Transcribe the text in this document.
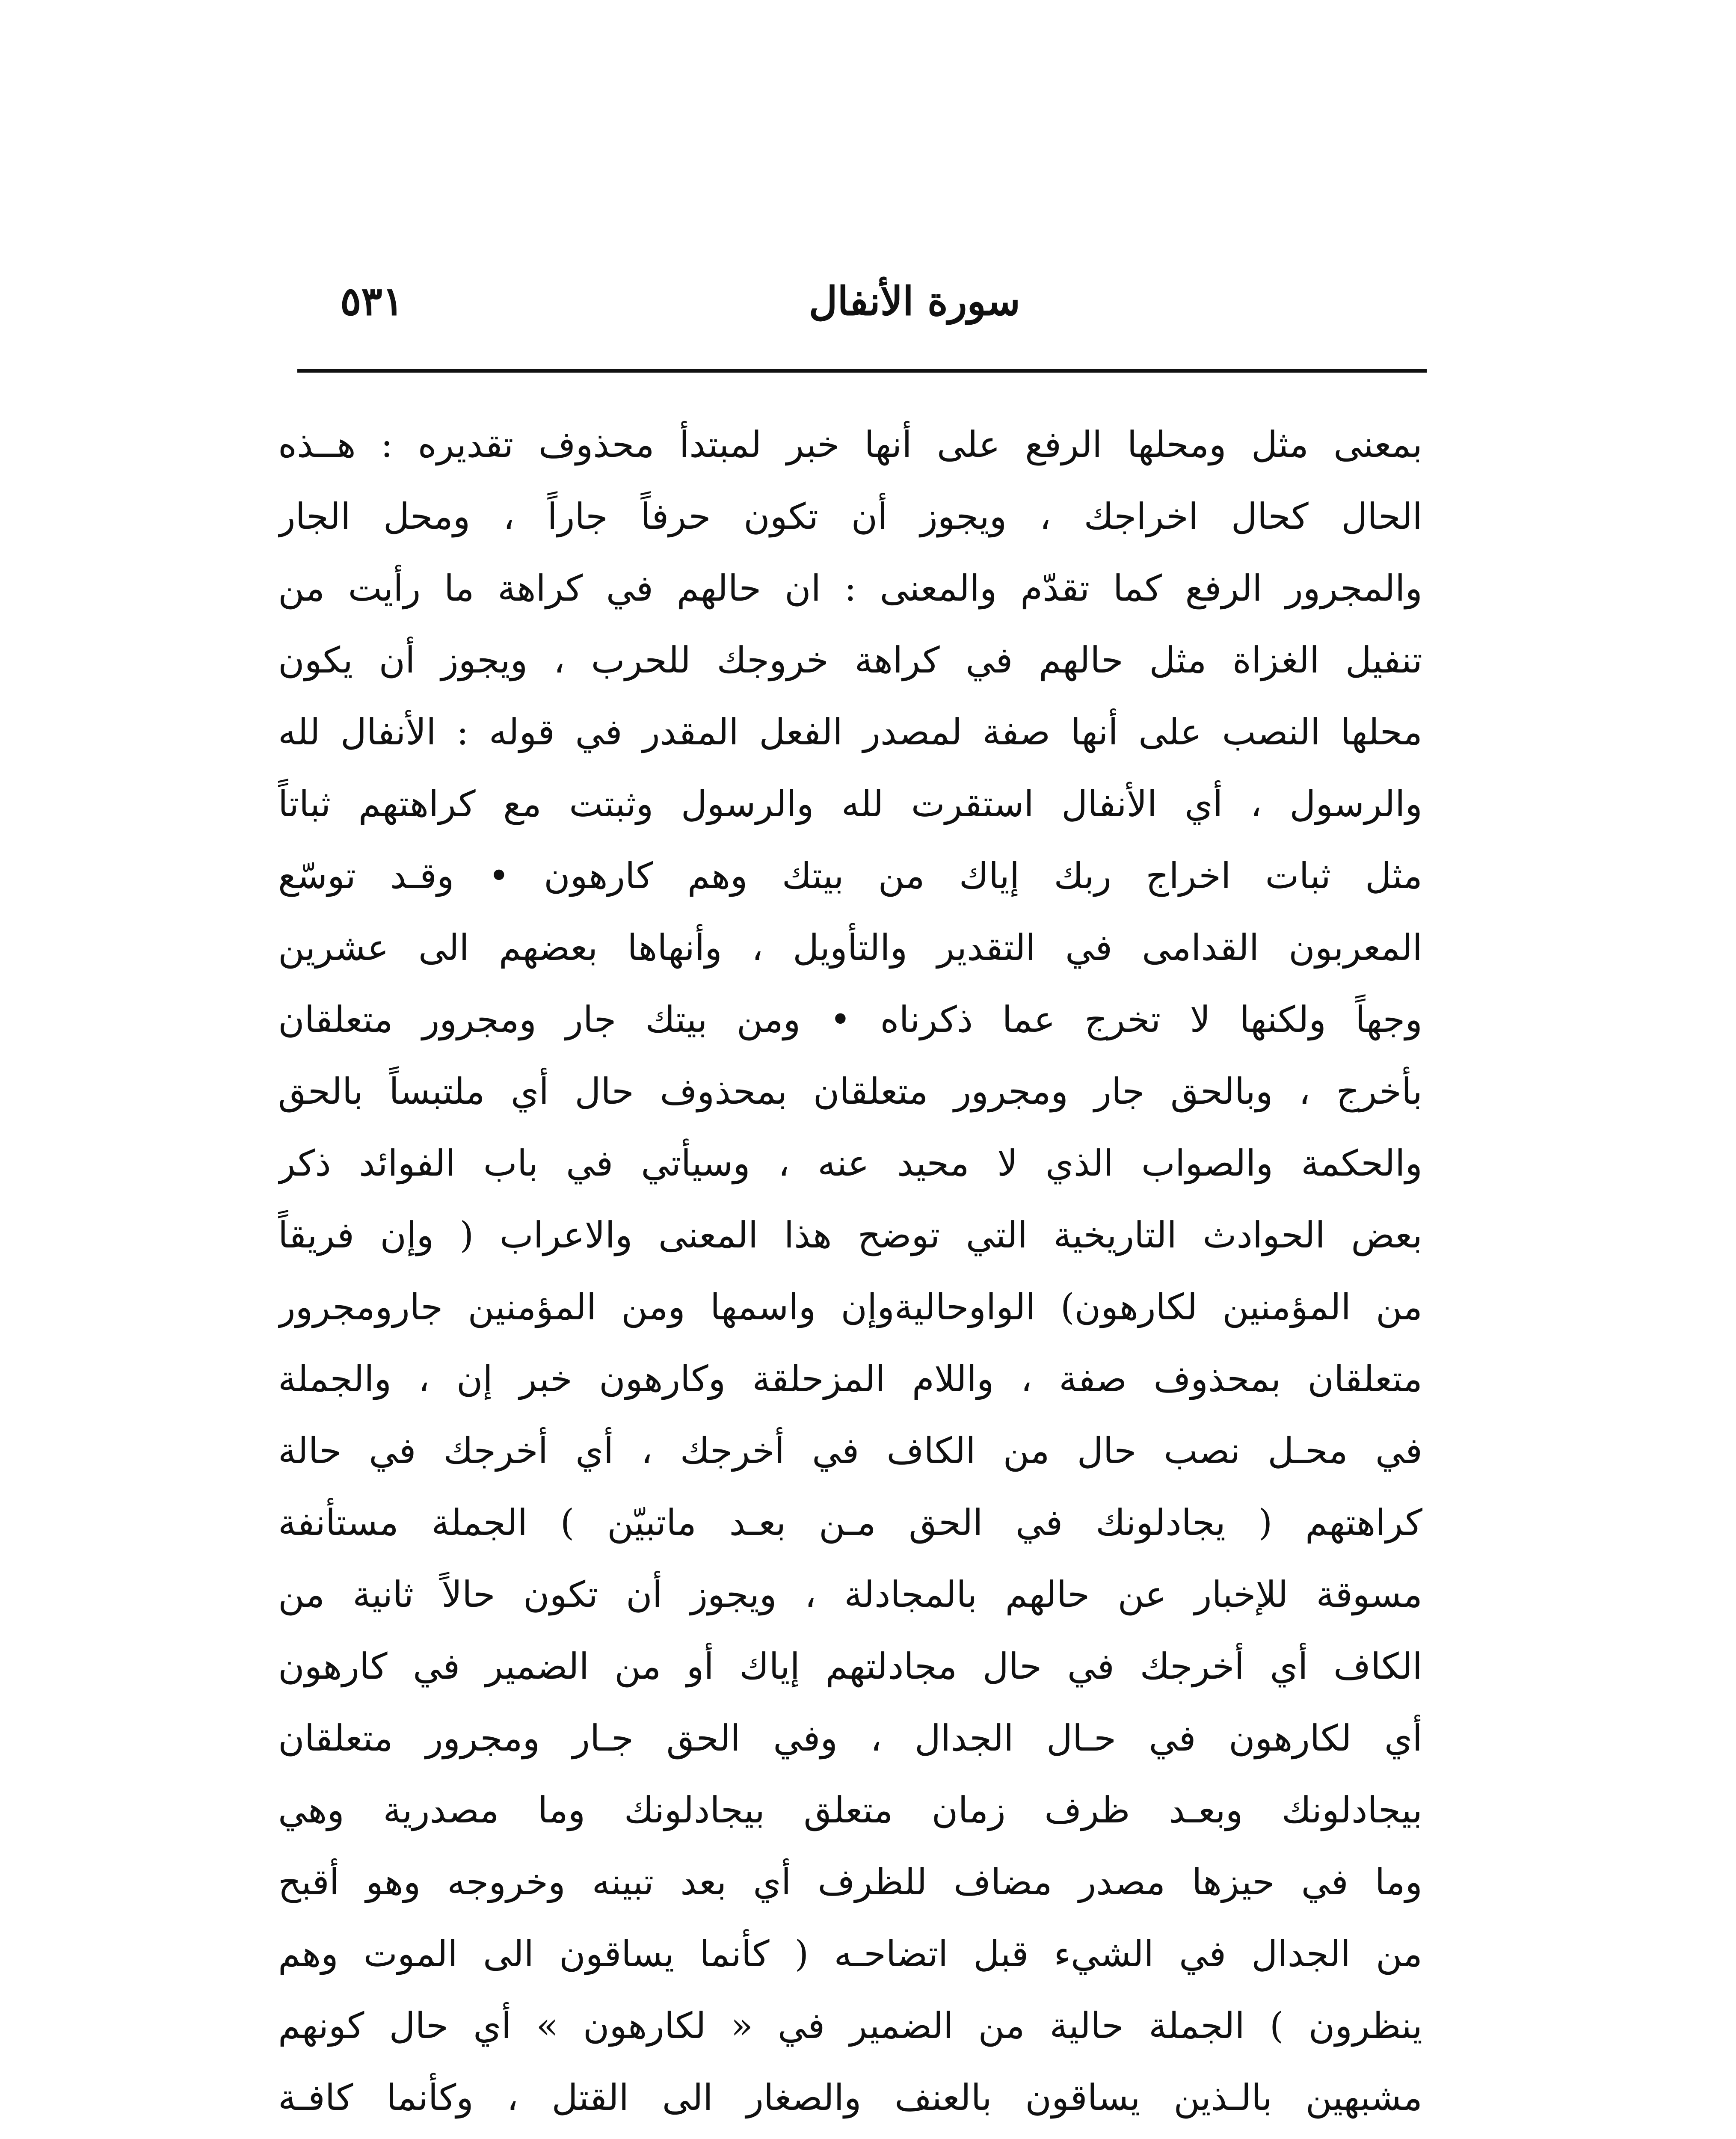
سورة الأنفال
٥٣١
بمعنى مثل ومحلها الرفع على أنها خبر لمبتدأ محذوف تقديره : هــذه
الحال كحال اخراجك ، ويجوز أن تكون حرفاً جاراً ، ومحل الجار
والمجرور الرفع كما تقدّم والمعنى : ان حالهم في كراهة ما رأيت من
تنفيل الغزاة مثل حالهم في كراهة خروجك للحرب ، ويجوز أن يكون
محلها النصب على أنها صفة لمصدر الفعل المقدر في قوله : الأنفال لله
والرسول ، أي الأنفال استقرت لله والرسول وثبتت مع كراهتهم ثباتاً
مثل ثبات اخراج ربك إياك من بيتك وهم كارهون • وقـد توسّع
المعربون القدامى في التقدير والتأويل ، وأنهاها بعضهم الى عشرين
وجهاً ولكنها لا تخرج عما ذكرناه • ومن بيتك جار ومجرور متعلقان
بأخرج ، وبالحق جار ومجرور متعلقان بمحذوف حال أي ملتبساً بالحق
والحكمة والصواب الذي لا محيد عنه ، وسيأتي في باب الفوائد ذكر
بعض الحوادث التاريخية التي توضح هذا المعنى والاعراب ( وإن فريقاً
من المؤمنين لكارهون) الواوحاليةوإن واسمها ومن المؤمنين جارومجرور
متعلقان بمحذوف صفة ، واللام المزحلقة وكارهون خبر إن ، والجملة
في محـل نصب حال من الكاف في أخرجك ، أي أخرجك في حالة
كراهتهم ( يجادلونك في الحق مـن بعـد ماتبيّن ) الجملة مستأنفة
مسوقة للإخبار عن حالهم بالمجادلة ، ويجوز أن تكون حالاً ثانية من
الكاف أي أخرجك في حال مجادلتهم إياك أو من الضمير في كارهون
أي لكارهون في حـال الجدال ، وفي الحق جـار ومجرور متعلقان
بيجادلونك وبعـد ظرف زمان متعلق بيجادلونك وما مصدرية وهي
وما في حيزها مصدر مضاف للظرف أي بعد تبينه وخروجه وهو أقبح
من الجدال في الشيء قبل اتضاحـه ( كأنما يساقون الى الموت وهم
ينظرون ) الجملة حالية من الضمير في « لكارهون » أي حال كونهم
مشبهين بالـذين يساقون بالعنف والصغار الى القتل ، وكأنما كافـة
